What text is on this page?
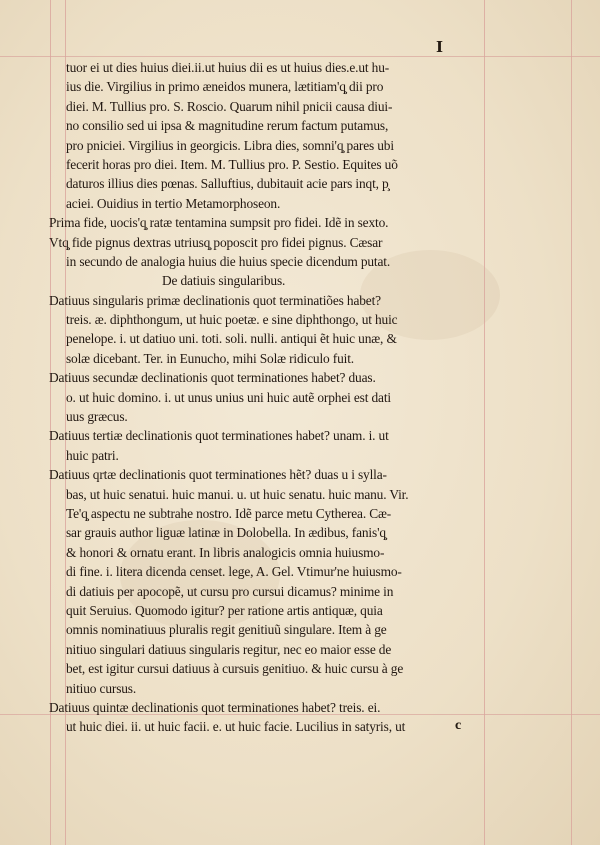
I
tuor ei ut dies huius diei.ii.ut huius dii es ut huius dies.e.ut hu-
ius die. Virgilius in primo æneidos munera, lætitiam'q̧ dii pro
diei. M. Tullius pro. S. Roscio. Quarum nihil pnicii causa diui-
no consilio sed ui ipsa & magnitudine rerum factum putamus,
pro pniciei. Virgilius in georgicis. Libra dies, somni'q̧ pares ubi
fecerit horas pro diei. Item. M. Tullius pro. P. Sestio. Equites uõ
daturos illius dies pœnas. Salluftius, dubitauit acie pars inqt, p̧
aciei. Ouidius in tertio Metamorphoseon.
Prima fide, uocis'q̧ ratæ tentamina sumpsit pro fidei. Idẽ in sexto.
Vtq̧ fide pignus dextras utriusq̧ poposcit pro fidei pignus. Cæsar
in secundo de analogia huius die huius specie dicendum putat.
De datiuis singularibus.
Datiuus singularis primæ declinationis quot terminatiões habet?
treis. æ. diphthongum, ut huic poetæ. e sine diphthongo, ut huic
penelope. i. ut datiuo uni. toti. soli. nulli. antiqui ẽt huic unæ, &
solæ dicebant. Ter. in Eunucho, mihi Solæ ridiculo fuit.
Datiuus secundæ declinationis quot terminationes habet? duas.
o. ut huic domino. i. ut unus unius uni huic autẽ orphei est dati
uus græcus.
Datiuus tertiæ declinationis quot terminationes habet? unam. i. ut
huic patri.
Datiuus qrtæ declinationis quot terminationes hẽt? duas u i sylla-
bas, ut huic senatui. huic manui. u. ut huic senatu. huic manu. Vir.
Te'q̧ aspectu ne subtrahe nostro. Idẽ parce metu Cytherea. Cæ-
sar grauis author liguæ latinæ in Dolobella. In ædibus, fanis'q̧
& honori & ornatu erant. In libris analogicis omnia huiusmo-
di fine. i. litera dicenda censet. lege, A. Gel. Vtimur'ne huiusmo-
di datiuis per apocopẽ, ut cursu pro cursui dicamus? minime in
quit Seruius. Quomodo igitur? per ratione artis antiquæ, quia
omnis nominatiuus pluralis regit genitiuũ singulare. Item à ge
nitiuo singulari datiuus singularis regitur, nec eo maior esse de
bet, est igitur cursui datiuus à cursuis genitiuo. & huic cursu à ge
nitiuo cursus.
Datiuus quintæ declinationis quot terminationes habet? treis. ei.
ut huic diei. ii. ut huic facii. e. ut huic facie. Lucilius in satyris, ut	c
